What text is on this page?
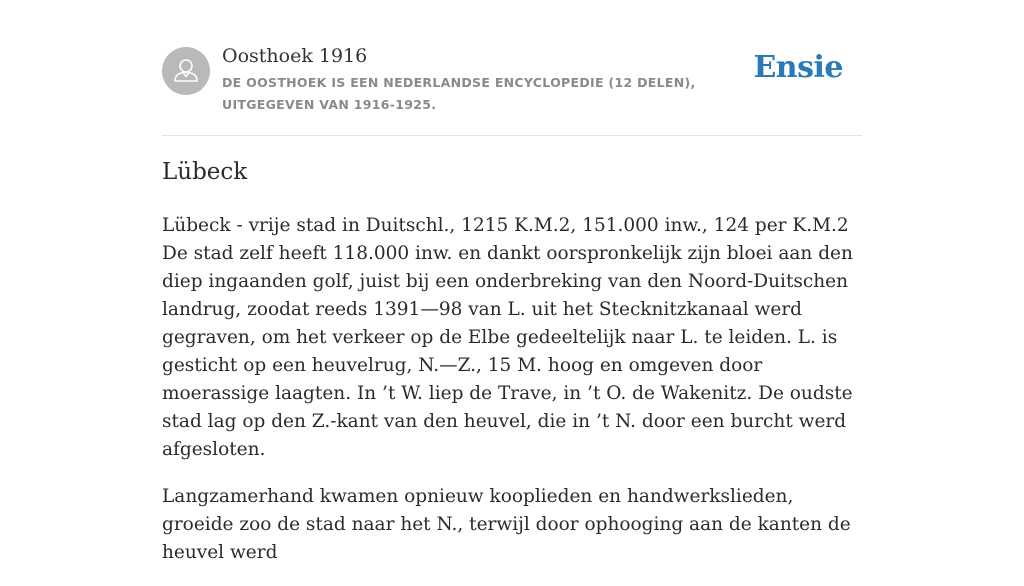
Oosthoek 1916
DE OOSTHOEK IS EEN NEDERLANDSE ENCYCLOPEDIE (12 DELEN), UITGEGEVEN VAN 1916-1925.
Ensie
Lübeck

Lübeck - vrije stad in Duitschl., 1215 K.M.2, 151.000 inw., 124 per K.M.2 De stad zelf heeft 118.000 inw. en dankt oorspronkelijk zijn bloei aan den diep ingaanden golf, juist bij een onderbreking van den Noord-Duitschen landrug, zoodat reeds 1391—98 van L. uit het Stecknitzkanaal werd gegraven, om het verkeer op de Elbe gedeeltelijk naar L. te leiden. L. is gesticht op een heuvelrug, N.—Z., 15 M. hoog en omgeven door moerassige laagten. In ’t W. liep de Trave, in ’t O. de Wakenitz. De oudste stad lag op den Z.-kant van den heuvel, die in ’t N. door een burcht werd afgesloten.

Langzamerhand kwamen opnieuw kooplieden en handwerkslieden, groeide zoo de stad naar het N., terwijl door ophooging aan de kanten de heuvel werd
